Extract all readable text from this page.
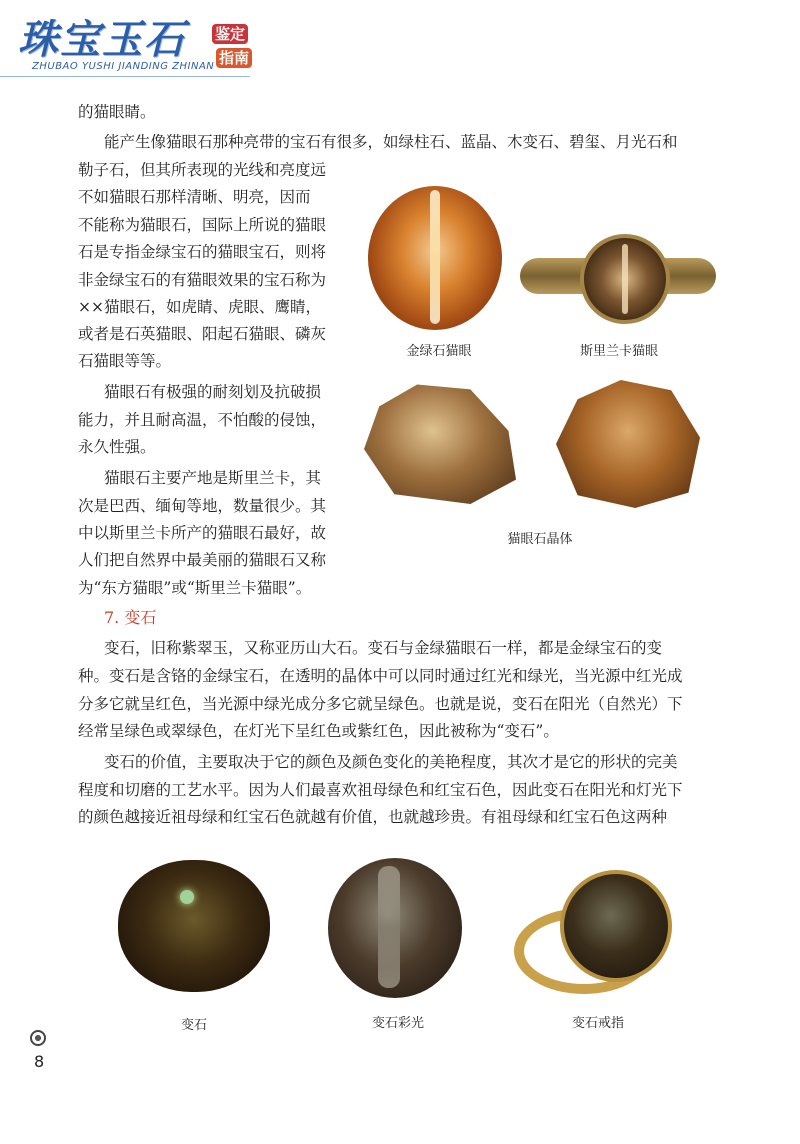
珠宝玉石
ZHUBAO YUSHI JIANDING ZHINAN
鉴定
指南
的猫眼睛。
能产生像猫眼石那种亮带的宝石有很多，如绿柱石、蓝晶、木变石、碧玺、月光石和
勒子石，但其所表现的光线和亮度远
不如猫眼石那样清晰、明亮，因而
不能称为猫眼石，国际上所说的猫眼
石是专指金绿宝石的猫眼宝石，则将
非金绿宝石的有猫眼效果的宝石称为
××猫眼石，如虎睛、虎眼、鹰睛，
或者是石英猫眼、阳起石猫眼、磷灰
石猫眼等等。
猫眼石有极强的耐刻划及抗破损
能力，并且耐高温，不怕酸的侵蚀，
永久性强。
猫眼石主要产地是斯里兰卡，其
次是巴西、缅甸等地，数量很少。其
中以斯里兰卡所产的猫眼石最好，故
人们把自然界中最美丽的猫眼石又称
为“东方猫眼”或“斯里兰卡猫眼”。
7. 变石
变石，旧称紫翠玉，又称亚历山大石。变石与金绿猫眼石一样，都是金绿宝石的变
种。变石是含铬的金绿宝石，在透明的晶体中可以同时通过红光和绿光，当光源中红光成
分多它就呈红色，当光源中绿光成分多它就呈绿色。也就是说，变石在阳光（自然光）下
经常呈绿色或翠绿色，在灯光下呈红色或紫红色，因此被称为“变石”。
变石的价值，主要取决于它的颜色及颜色变化的美艳程度，其次才是它的形状的完美
程度和切磨的工艺水平。因为人们最喜欢祖母绿色和红宝石色，因此变石在阳光和灯光下
的颜色越接近祖母绿和红宝石色就越有价值，也就越珍贵。有祖母绿和红宝石色这两种
金绿石猫眼	斯里兰卡猫眼
猫眼石晶体
变石	变石彩光	变石戒指
8
